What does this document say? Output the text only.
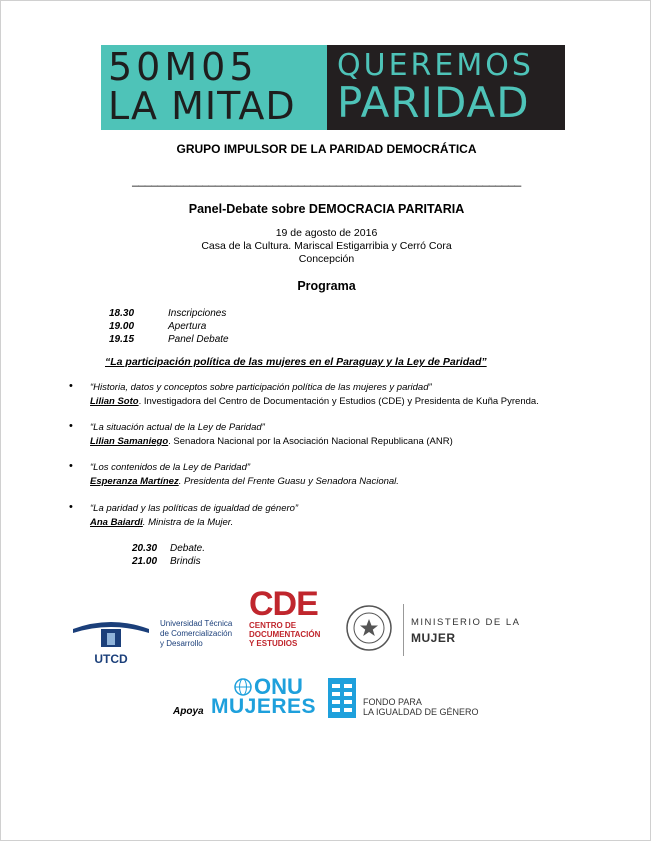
50M05
LA MITAD
QUEREMOS
PARIDAD
GRUPO IMPULSOR DE LA PARIDAD DEMOCRÁTICA
_____________________________________________________________
Panel-Debate sobre DEMOCRACIA PARITARIA
19 de agosto de 2016
Casa de la Cultura. Mariscal Estigarribia y Cerró Cora
Concepción
Programa
18.30	Inscripciones
19.00	Apertura
19.15	Panel Debate
“La participación política de las mujeres en el Paraguay y la Ley de Paridad”
• “Historia, datos y conceptos sobre participación política de las mujeres y paridad”
Lilian Soto. Investigadora del Centro de Documentación y Estudios (CDE) y Presidenta de Kuña Pyrenda.
• “La situación actual de la Ley de Paridad”
Lilian Samaniego. Senadora Nacional por la Asociación Nacional Republicana (ANR)
• “Los contenidos de la Ley de Paridad”
Esperanza Martínez. Presidenta del Frente Guasu y Senadora Nacional.
• “La paridad y las políticas de igualdad de género”
Ana Baiardi. Ministra de la Mujer.
20.30 Debate.
21.00 Brindis
UTCD
Universidad Técnica
de Comercialización
y Desarrollo
CDE
CENTRO DE
DOCUMENTACIÓN
Y ESTUDIOS
MINISTERIO DE LA
MUJER
Apoya
ONU
MUJERES	FONDO PARA
LA IGUALDAD DE GÉNERO
